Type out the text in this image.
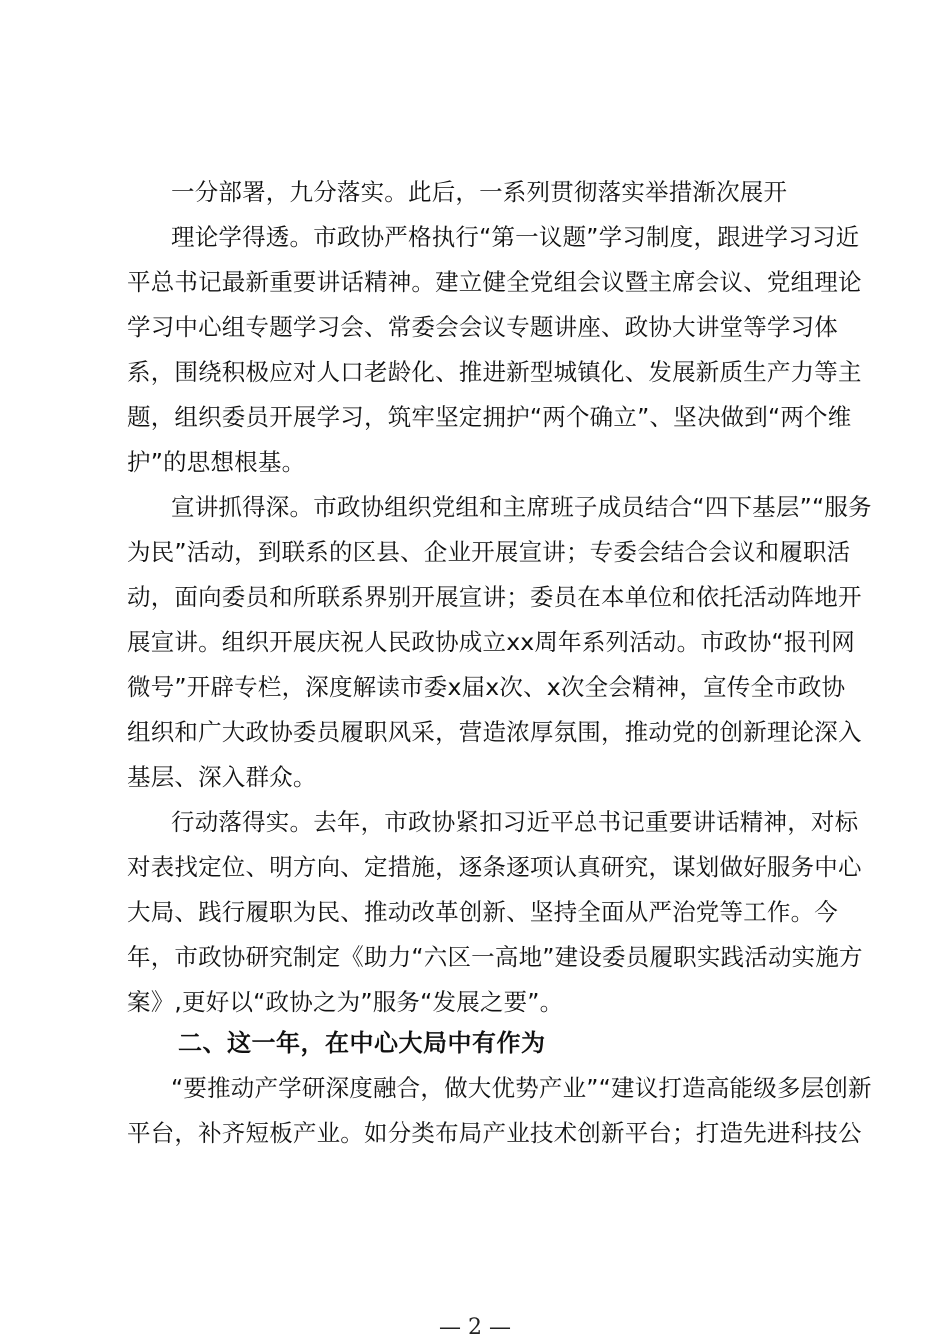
一分部署，九分落实。此后，一系列贯彻落实举措渐次展开
理论学得透。市政协严格执行“第一议题”学习制度，跟进学习习近
平总书记最新重要讲话精神。建立健全党组会议暨主席会议、党组理论
学习中心组专题学习会、常委会会议专题讲座、政协大讲堂等学习体
系，围绕积极应对人口老龄化、推进新型城镇化、发展新质生产力等主
题，组织委员开展学习，筑牢坚定拥护“两个确立”、坚决做到“两个维
护”的思想根基。
宣讲抓得深。市政协组织党组和主席班子成员结合“四下基层”“服务
为民”活动，到联系的区县、企业开展宣讲；专委会结合会议和履职活
动，面向委员和所联系界别开展宣讲；委员在本单位和依托活动阵地开
展宣讲。组织开展庆祝人民政协成立xx周年系列活动。市政协“报刊网
微号”开辟专栏，深度解读市委x届x次、x次全会精神，宣传全市政协
组织和广大政协委员履职风采，营造浓厚氛围，推动党的创新理论深入
基层、深入群众。
行动落得实。去年，市政协紧扣习近平总书记重要讲话精神，对标
对表找定位、明方向、定措施，逐条逐项认真研究，谋划做好服务中心
大局、践行履职为民、推动改革创新、坚持全面从严治党等工作。今
年，市政协研究制定《助力“六区一高地”建设委员履职实践活动实施方
案》,更好以“政协之为”服务“发展之要”。
二、这一年，在中心大局中有作为
“要推动产学研深度融合，做大优势产业”“建议打造高能级多层创新
平台，补齐短板产业。如分类布局产业技术创新平台；打造先进科技公
— 2 —
